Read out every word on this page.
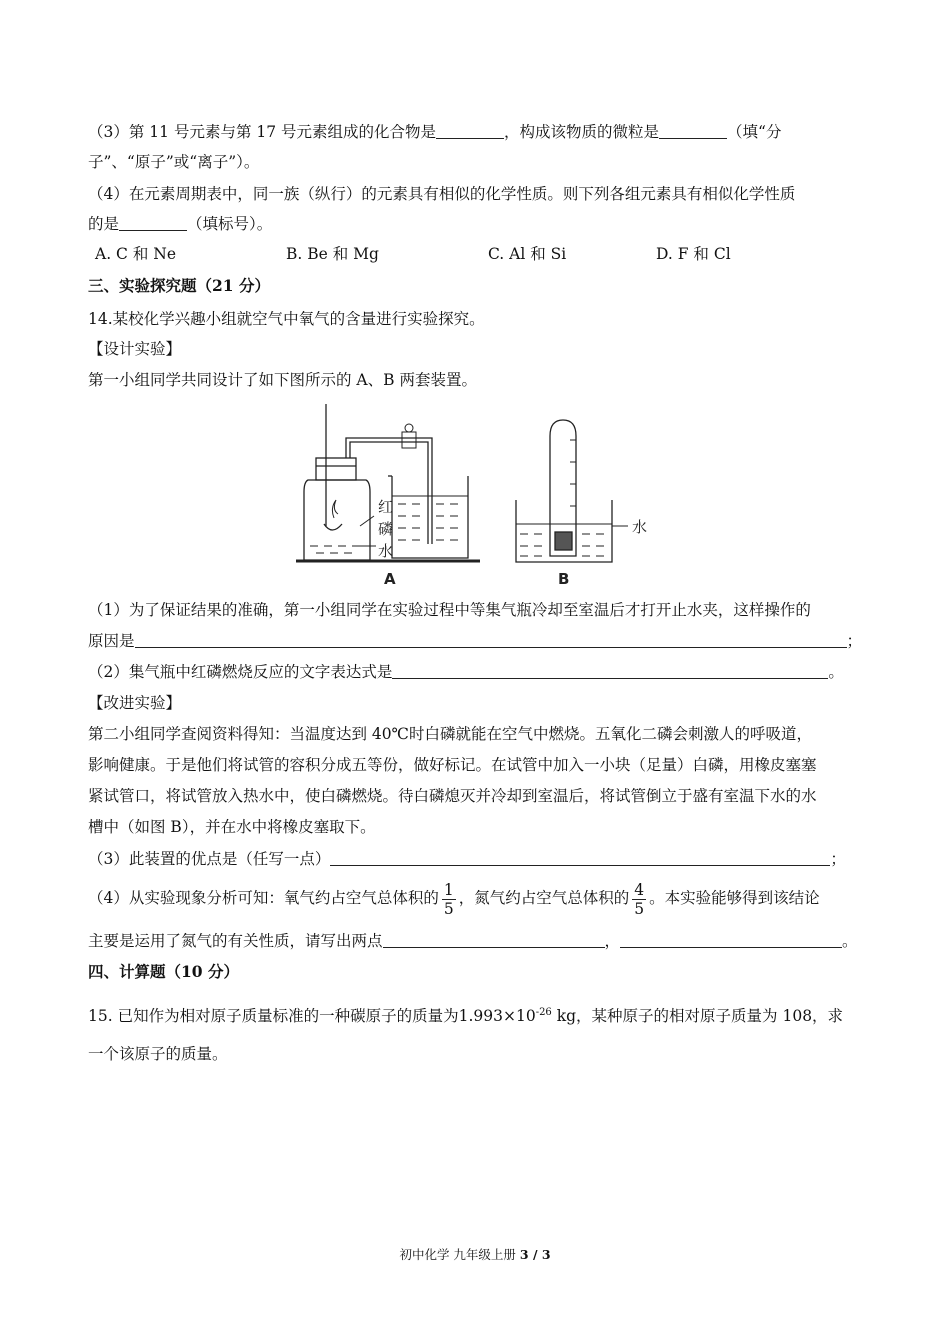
（3）第 11 号元素与第 17 号元素组成的化合物是	，构成该物质的微粒是	（填“分
子”、“原子”或“离子”）。
（4）在元素周期表中，同一族（纵行）的元素具有相似的化学性质。则下列各组元素具有相似化学性质
的是	（填标号）。
A. C 和 Ne	B. Be 和 Mg	C. Al 和 Si	D. F 和 Cl
三、实验探究题（21 分）
14.某校化学兴趣小组就空气中氧气的含量进行实验探究。
【设计实验】
第一小组同学共同设计了如下图所示的 A、B 两套装置。
红
磷
水
水
A	B
（1）为了保证结果的准确，第一小组同学在实验过程中等集气瓶冷却至室温后才打开止水夹，这样操作的
原因是	；
（2）集气瓶中红磷燃烧反应的文字表达式是	。
【改进实验】
第二小组同学查阅资料得知：当温度达到 40℃时白磷就能在空气中燃烧。五氧化二磷会刺激人的呼吸道，
影响健康。于是他们将试管的容积分成五等份，做好标记。在试管中加入一小块（足量）白磷，用橡皮塞塞
紧试管口，将试管放入热水中，使白磷燃烧。待白磷熄灭并冷却到室温后，将试管倒立于盛有室温下水的水
槽中（如图 B），并在水中将橡皮塞取下。
（3）此装置的优点是（任写一点）	；
（4）从实验现象分析可知：氧气约占空气总体积的 $\frac{1}{5}$ ，氮气约占空气总体积的 $\frac{4}{5}$ 。本实验能够得到该结论
主要是运用了氮气的有关性质，请写出两点	，	。
四、计算题（10 分）
15. 已知作为相对原子质量标准的一种碳原子的质量为$1.993\times 10^{-26}$ kg，某种原子的相对原子质量为 108，求
一个该原子的质量。
初中化学 九年级上册 3 / 3
